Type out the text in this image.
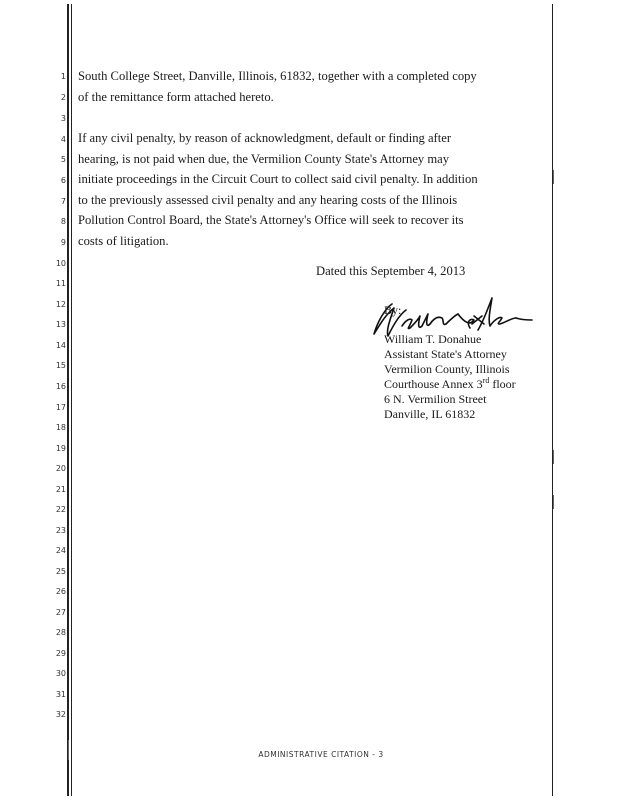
1
2
3
4
5
6
7
8
9
10
11
12
13
14
15
16
17
18
19
20
21
22
23
24
25
26
27
28
29
30
31
32
South College Street, Danville, Illinois, 61832, together with a completed copy
of the remittance form attached hereto.
If any civil penalty, by reason of acknowledgment, default or finding after
hearing, is not paid when due, the Vermilion County State's Attorney may
initiate proceedings in the Circuit Court to collect said civil penalty. In addition
to the previously assessed civil penalty and any hearing costs of the Illinois
Pollution Control Board, the State's Attorney's Office will seek to recover its
costs of litigation.
Dated this September 4, 2013
By:
William T. Donahue
Assistant State's Attorney
Vermilion County, Illinois
Courthouse Annex 3rd floor
6 N. Vermilion Street
Danville, IL 61832
ADMINISTRATIVE CITATION - 3
